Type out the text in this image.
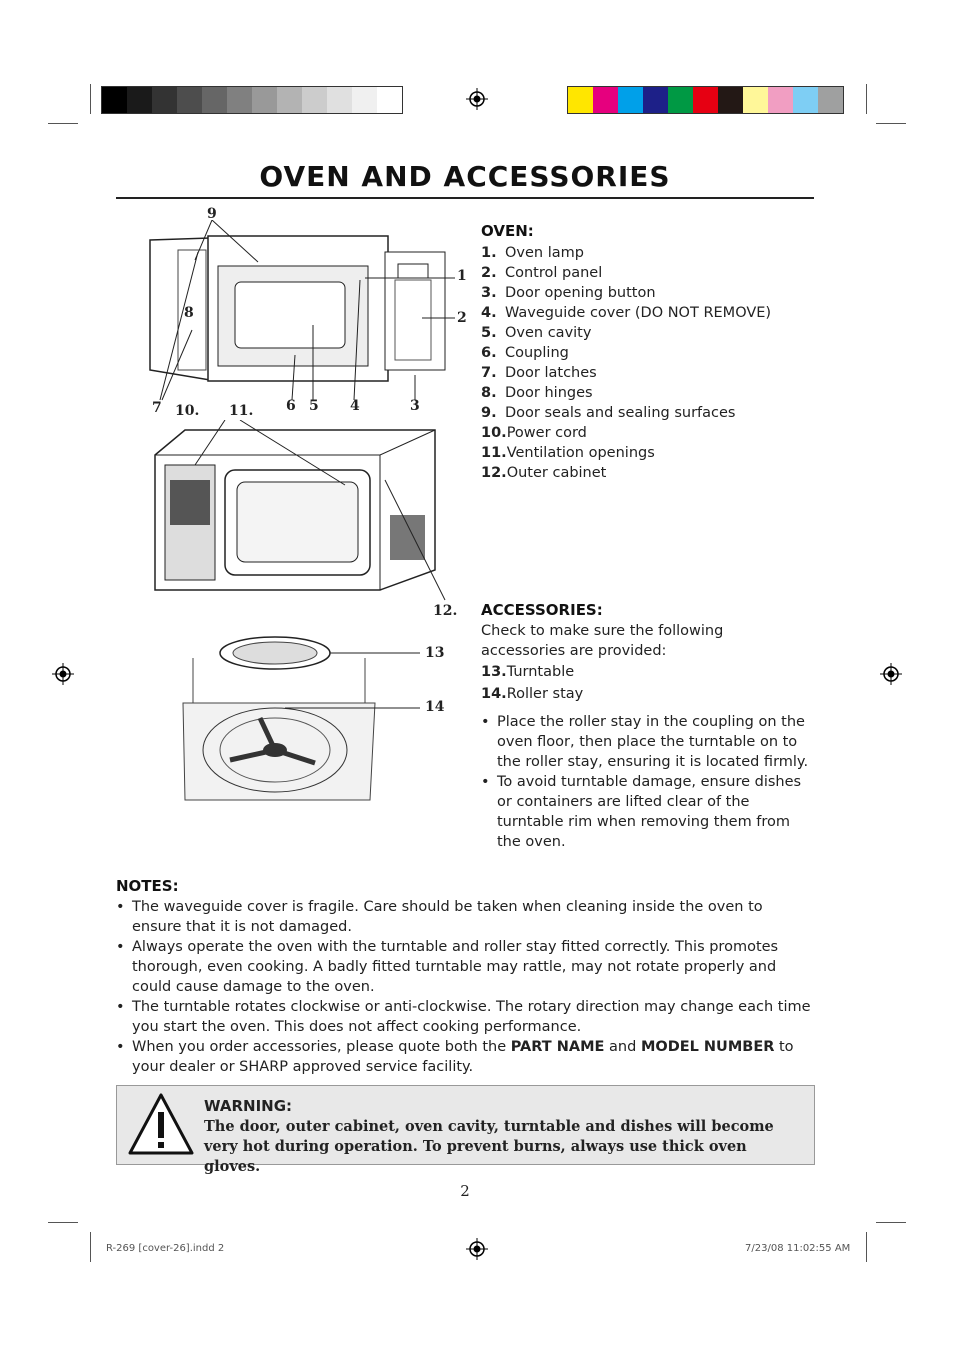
OVEN AND ACCESSORIES
9
1
2
8
7 10. 11. 6 5 4	3
12.
13
14
OVEN:
1. Oven lamp
2. Control panel
3. Door opening button
4. Waveguide cover (DO NOT REMOVE)
5. Oven cavity
6. Coupling
7. Door latches
8. Door hinges
9. Door seals and sealing surfaces
10. Power cord
11. Ventilation openings
12. Outer cabinet
ACCESSORIES:
Check to make sure the following accessories are provided:
13. Turntable
14. Roller stay
• Place the roller stay in the coupling on the oven floor, then place the turntable on to the roller stay, ensuring it is located firmly.
• To avoid turntable damage, ensure dishes or containers are lifted clear of the turntable rim when removing them from the oven.
NOTES:
• The waveguide cover is fragile. Care should be taken when cleaning inside the oven to ensure that it is not damaged.
• Always operate the oven with the turntable and roller stay fitted correctly. This promotes thorough, even cooking. A badly fitted turntable may rattle, may not rotate properly and could cause damage to the oven.
• The turntable rotates clockwise or anti-clockwise. The rotary direction may change each time you start the oven. This does not affect cooking performance.
• When you order accessories, please quote both the PART NAME and MODEL NUMBER to your dealer or SHARP approved service facility.
WARNING:
The door, outer cabinet, oven cavity, turntable and dishes will become very hot during operation. To prevent burns, always use thick oven gloves.
2
R-269 [cover-26].indd 2	7/23/08 11:02:55 AM
